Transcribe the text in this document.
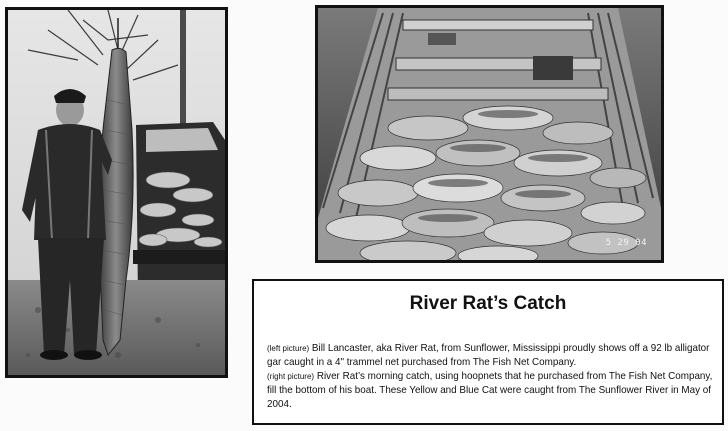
5 29 04
River Rat’s Catch
(left picture) Bill Lancaster, aka River Rat, from Sunflower, Mississippi proudly shows off a 92 lb alligator gar caught in a 4" trammel net purchased from The Fish Net Company.
(right picture) River Rat’s morning catch, using hoopnets that he purchased from The Fish Net Company, fill the bottom of his boat. These Yellow and Blue Cat were caught from The Sunflower River in May of 2004.
